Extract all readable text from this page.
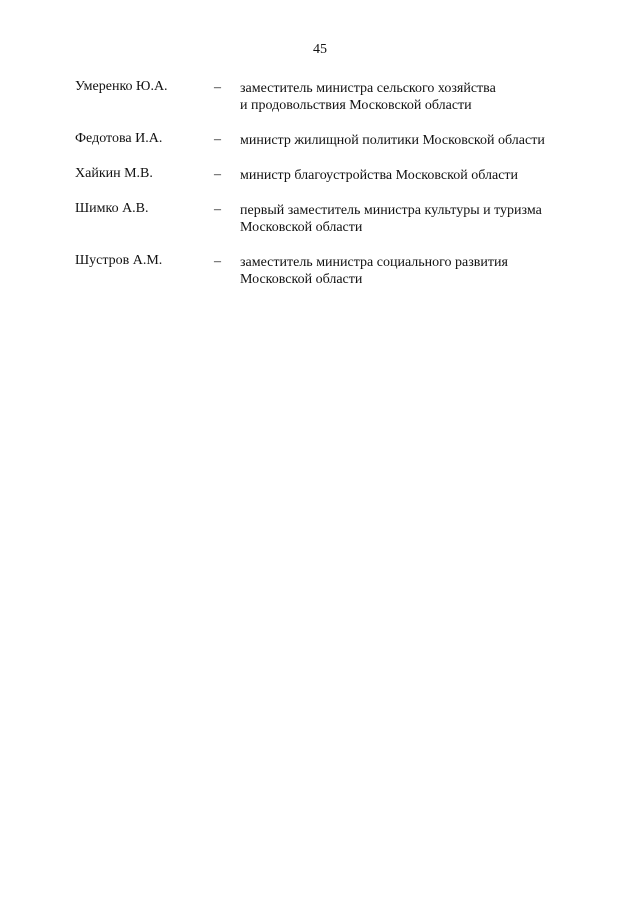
45
Умеренко Ю.А.	– заместитель министра сельского хозяйства
и продовольствия Московской области
Федотова И.А.	– министр жилищной политики Московской области
Хайкин М.В.	– министр благоустройства Московской области
Шимко А.В.	– первый заместитель министра культуры и туризма
Московской области
Шустров А.М.	– заместитель министра социального развития
Московской области
